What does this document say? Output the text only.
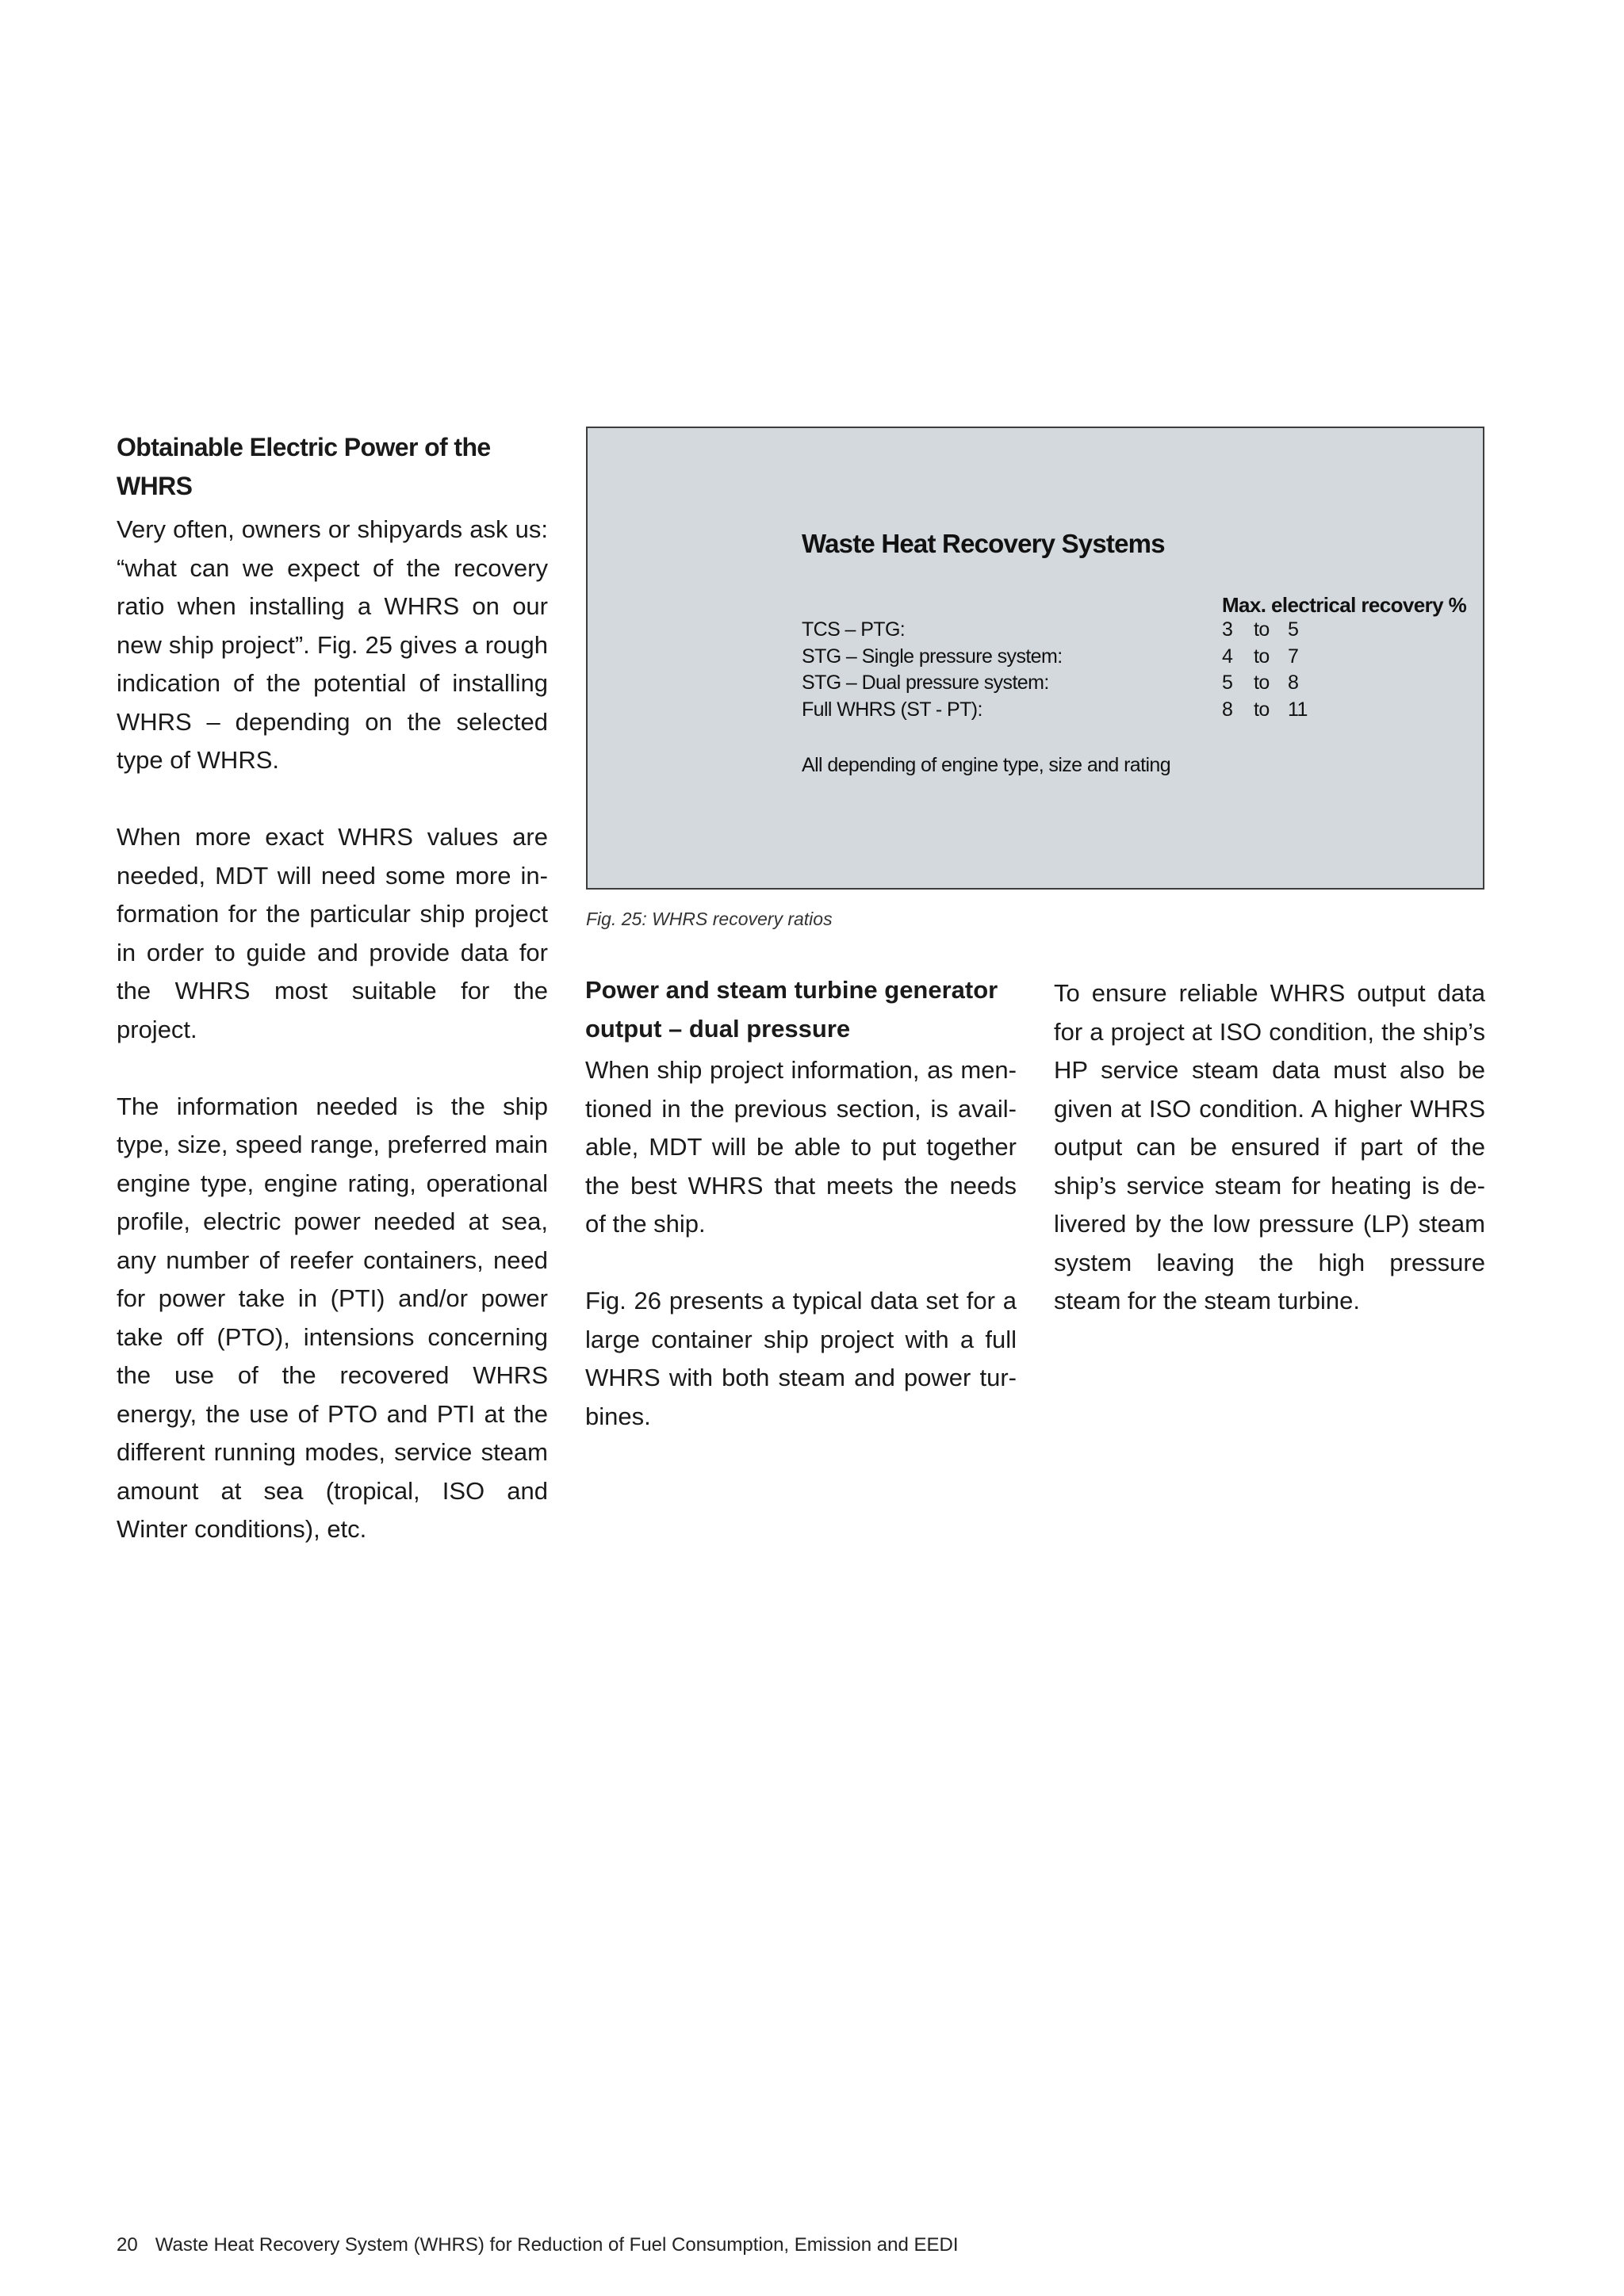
Obtainable Electric Power of the WHRS

Very often, owners or shipyards ask us: “what can we expect of the recovery ratio when installing a WHRS on our new ship project”. Fig. 25 gives a rough indication of the potential of installing WHRS – depending on the selected type of WHRS.

When more exact WHRS values are needed, MDT will need some more information for the particular ship project in order to guide and provide data for the WHRS most suitable for the project.

The information needed is the ship type, size, speed range, preferred main engine type, engine rating, operational profile, electric power needed at sea, any number of reefer containers, need for power take in (PTI) and/or power take off (PTO), intensions concerning the use of the recovered WHRS energy, the use of PTO and PTI at the different running modes, service steam amount at sea (tropical, ISO and Winter conditions), etc.

Waste Heat Recovery Systems
Max. electrical recovery %
TCS – PTG:	3 to 5
STG – Single pressure system:	4 to 7
STG – Dual pressure system:	5 to 8
Full WHRS (ST - PT):	8 to 11
All depending of engine type, size and rating
Fig. 25: WHRS recovery ratios
Power and steam turbine generator output – dual pressure

When ship project information, as mentioned in the previous section, is available, MDT will be able to put together the best WHRS that meets the needs of the ship.

Fig. 26 presents a typical data set for a large container ship project with a full WHRS with both steam and power turbines.

To ensure reliable WHRS output data for a project at ISO condition, the ship’s HP service steam data must also be given at ISO condition. A higher WHRS output can be ensured if part of the ship’s service steam for heating is delivered by the low pressure (LP) steam system leaving the high pressure steam for the steam turbine.

20 Waste Heat Recovery System (WHRS) for Reduction of Fuel Consumption, Emission and EEDI
